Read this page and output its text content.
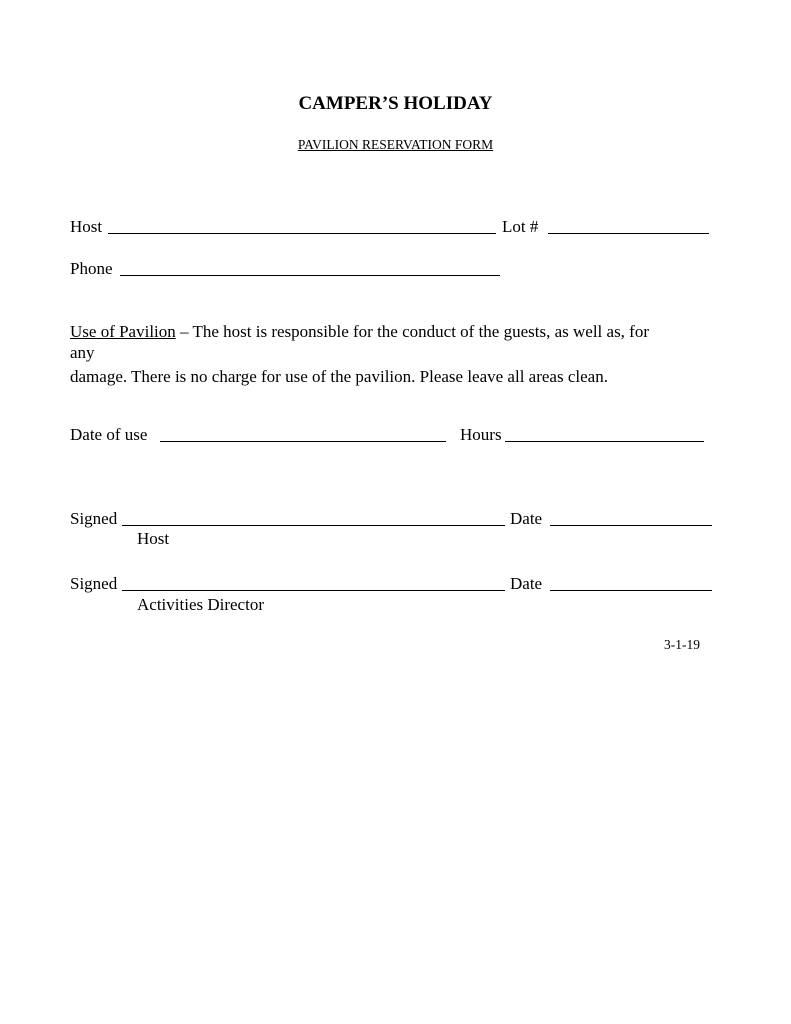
CAMPER’S HOLIDAY
PAVILION RESERVATION FORM
Host	Lot #
Phone
Use of Pavilion – The host is responsible for the conduct of the guests, as well as, for
any
damage. There is no charge for use of the pavilion. Please leave all areas clean.
Date of use	Hours
Signed	Date
Host
Signed	Date
Activities Director
3-1-19
